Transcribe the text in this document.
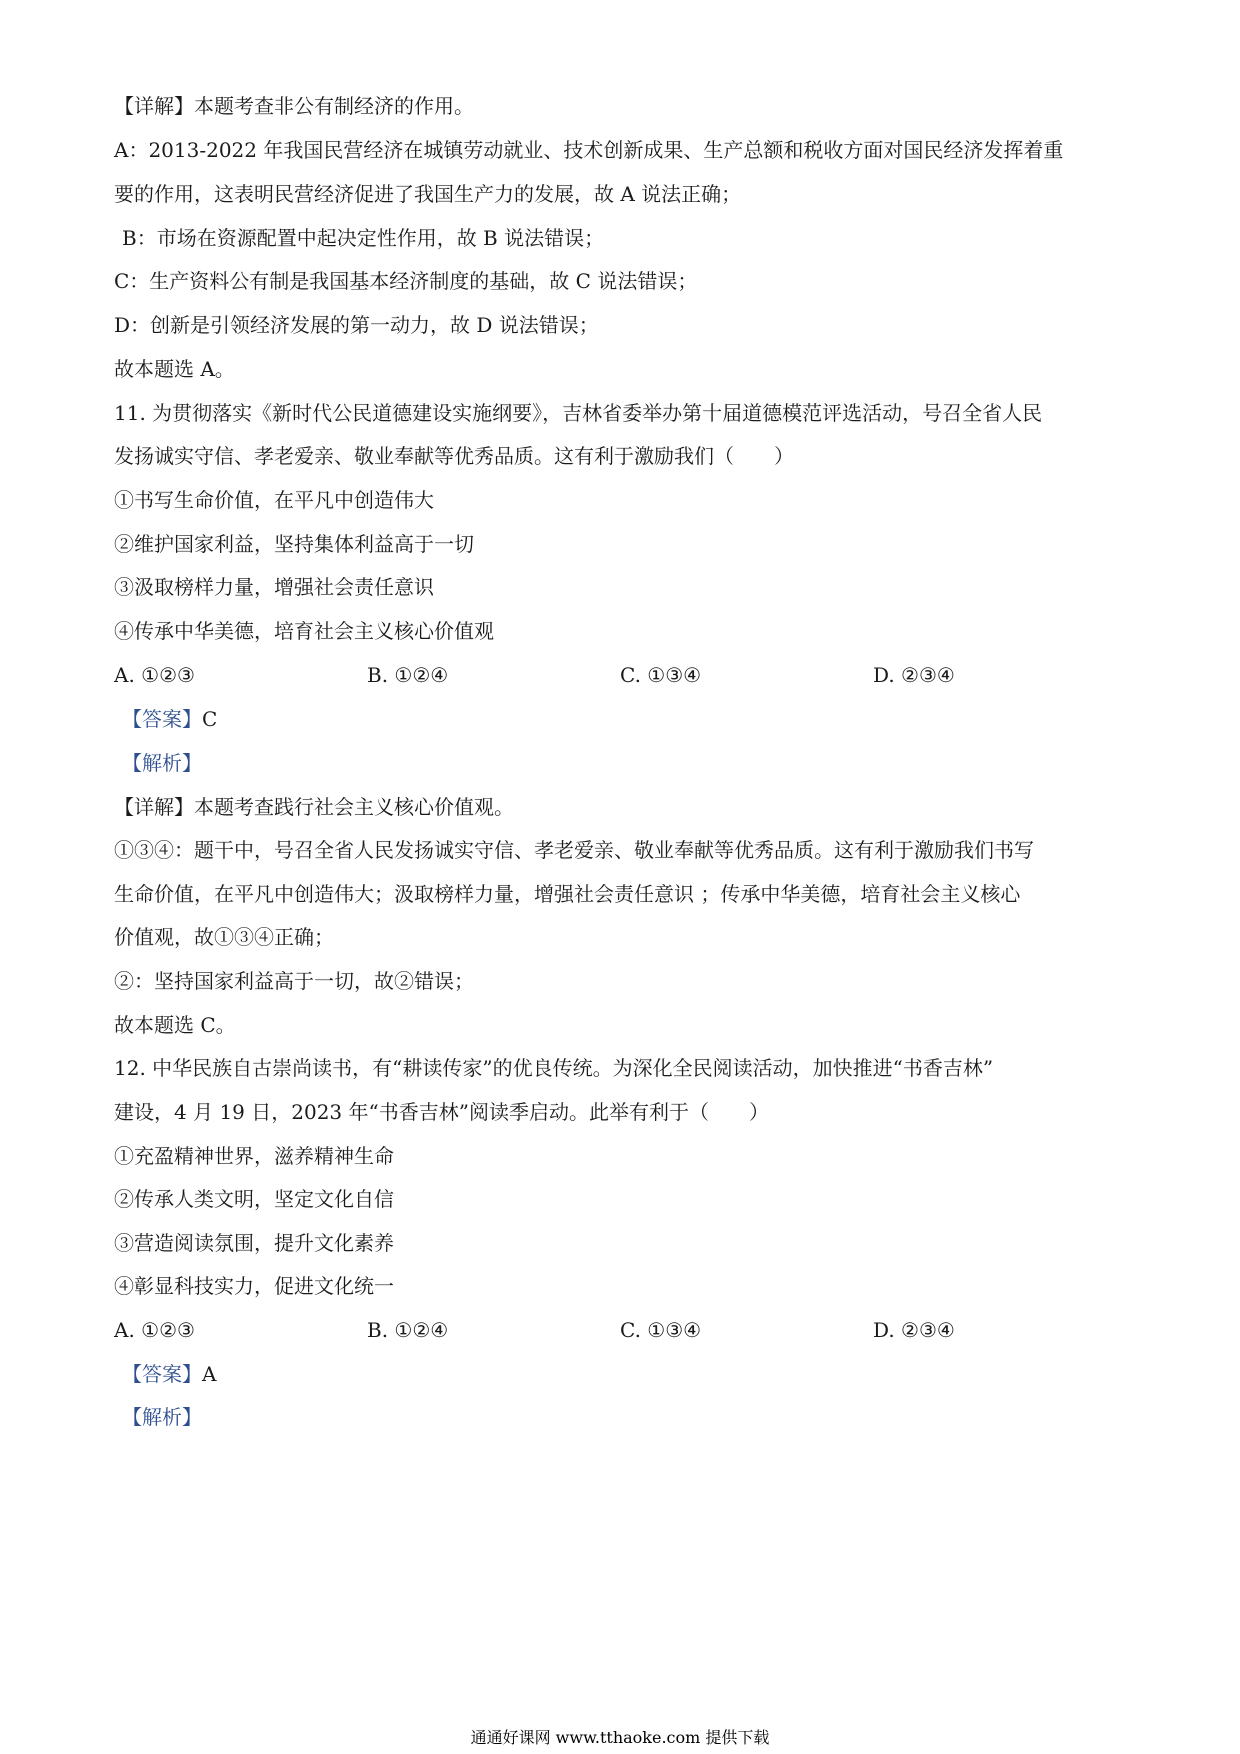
【详解】本题考查非公有制经济的作用。
A：2013-2022 年我国民营经济在城镇劳动就业、技术创新成果、生产总额和税收方面对国民经济发挥着重
要的作用，这表明民营经济促进了我国生产力的发展，故 A 说法正确；
B：市场在资源配置中起决定性作用，故 B 说法错误；
C：生产资料公有制是我国基本经济制度的基础，故 C 说法错误；
D：创新是引领经济发展的第一动力，故 D 说法错误；
故本题选 A。
11. 为贯彻落实《新时代公民道德建设实施纲要》，吉林省委举办第十届道德模范评选活动，号召全省人民
发扬诚实守信、孝老爱亲、敬业奉献等优秀品质。这有利于激励我们（　　）
①书写生命价值，在平凡中创造伟大
②维护国家利益，坚持集体利益高于一切
③汲取榜样力量，增强社会责任意识
④传承中华美德，培育社会主义核心价值观
A. ①②③	B. ①②④	C. ①③④	D. ②③④
【答案】C
【解析】
【详解】本题考查践行社会主义核心价值观。
①③④：题干中，号召全省人民发扬诚实守信、孝老爱亲、敬业奉献等优秀品质。这有利于激励我们书写
生命价值，在平凡中创造伟大；汲取榜样力量，增强社会责任意识 ；传承中华美德，培育社会主义核心
价值观，故①③④正确；
②：坚持国家利益高于一切，故②错误；
故本题选 C。
12. 中华民族自古崇尚读书，有“耕读传家”的优良传统。为深化全民阅读活动，加快推进“书香吉林”
建设，4 月 19 日，2023 年“书香吉林”阅读季启动。此举有利于（　　）
①充盈精神世界，滋养精神生命
②传承人类文明，坚定文化自信
③营造阅读氛围，提升文化素养
④彰显科技实力，促进文化统一
A. ①②③	B. ①②④	C. ①③④	D. ②③④
【答案】A
【解析】
通通好课网 www.tthaoke.com 提供下载
